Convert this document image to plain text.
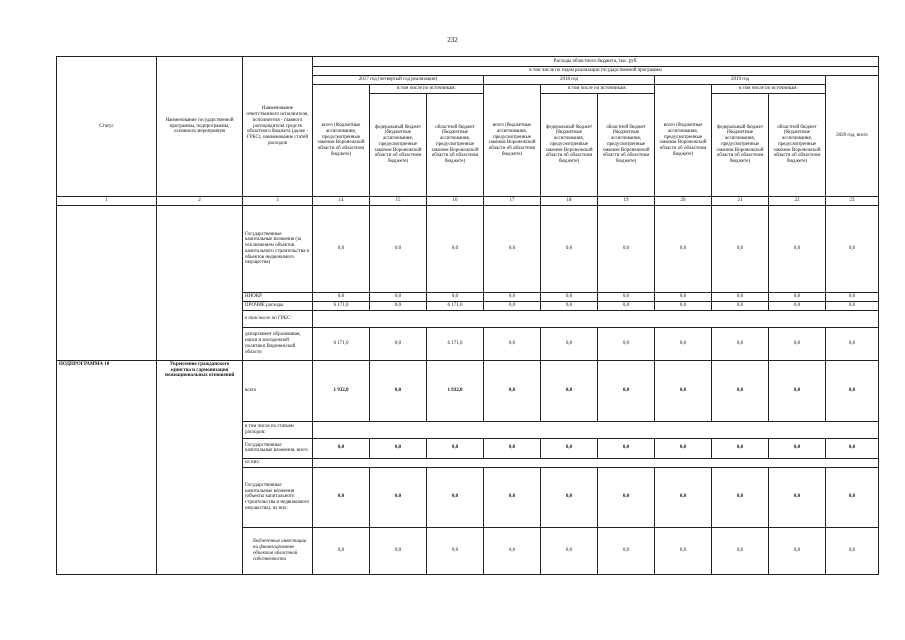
232
Статус	Наименование государственной программы, подпрограммы, основного мероприятия	Наименование ответственного исполнителя, исполнителя - главного распорядителя средств областного бюджета (далее - ГРБС), наименование статей расходов	Расходы областного бюджета, тыс. руб.									
			в том числе по годам реализации государственной программы									
			2017 год (четвертый год реализации)			2018 год			2019 год			2020 год, всего
			всего (бюджетные ассигнования, предусмотренные законом Воронежской области об областном бюджете)	в том числе по источникам:		всего (бюджетные ассигнования, предусмотренные законом Воронежской области об областном бюджете)	в том числе по источникам:		всего (бюджетные ассигнования, предусмотренные законом Воронежской области об областном бюджете)	в том числе по источникам:		
				федеральный бюджет (бюджетные ассигнования, предусмотренные законом Воронежской области об областном бюджете)	областной бюджет (бюджетные ассигнования, предусмотренные законом Воронежской области об областном бюджете)		федеральный бюджет (бюджетные ассигнования, предусмотренные законом Воронежской области об областном бюджете)	областной бюджет (бюджетные ассигнования, предусмотренные законом Воронежской области об областном бюджете)		федеральный бюджет (бюджетные ассигнования, предусмотренные законом Воронежской области об областном бюджете)	областной бюджет (бюджетные ассигнования, предусмотренные законом Воронежской области об областном бюджете)	
1	2	3	14	15	16	17	18	19	20	21	22	23
		Государственные капитальные вложения (за исключением объектов капитального строительства и объектов недвижимого имущества)	0,0	0,0	0,0	0,0	0,0	0,0	0,0	0,0	0,0	0,0
		НИОКР	0,0	0,0	0,0	0,0	0,0	0,0	0,0	0,0	0,0	0,0
		ПРОЧИЕ расходы	6 171,0	0,0	6 171,0	0,0	0,0	0,0	0,0	0,0	0,0	0,0
		в том числе по ГРБС:										
		департамент образования, науки и молодежной политики Воронежской области	6 171,0	0,0	6 171,0	0,0	0,0	0,0	0,0	0,0	0,0	0,0
ПОДПРОГРАММА 10	Укрепление гражданского единства и гармонизация межнациональных отношений	всего	1 932,0	0,0	1 932,0	0,0	0,0	0,0	0,0	0,0	0,0	0,0
		в том числе по статьям расходов:										
		Государственные капитальные вложения, всего	0,0	0,0	0,0	0,0	0,0	0,0	0,0	0,0	0,0	0,0
		из них:										
		Государственные капитальные вложения (объекты капитального строительства и недвижимого имущества), из них:	0,0	0,0	0,0	0,0	0,0	0,0	0,0	0,0	0,0	0,0
		бюджетные инвестиции на финансирование объектов областной собственности	0,0	0,0	0,0	0,0	0,0	0,0	0,0	0,0	0,0	0,0
